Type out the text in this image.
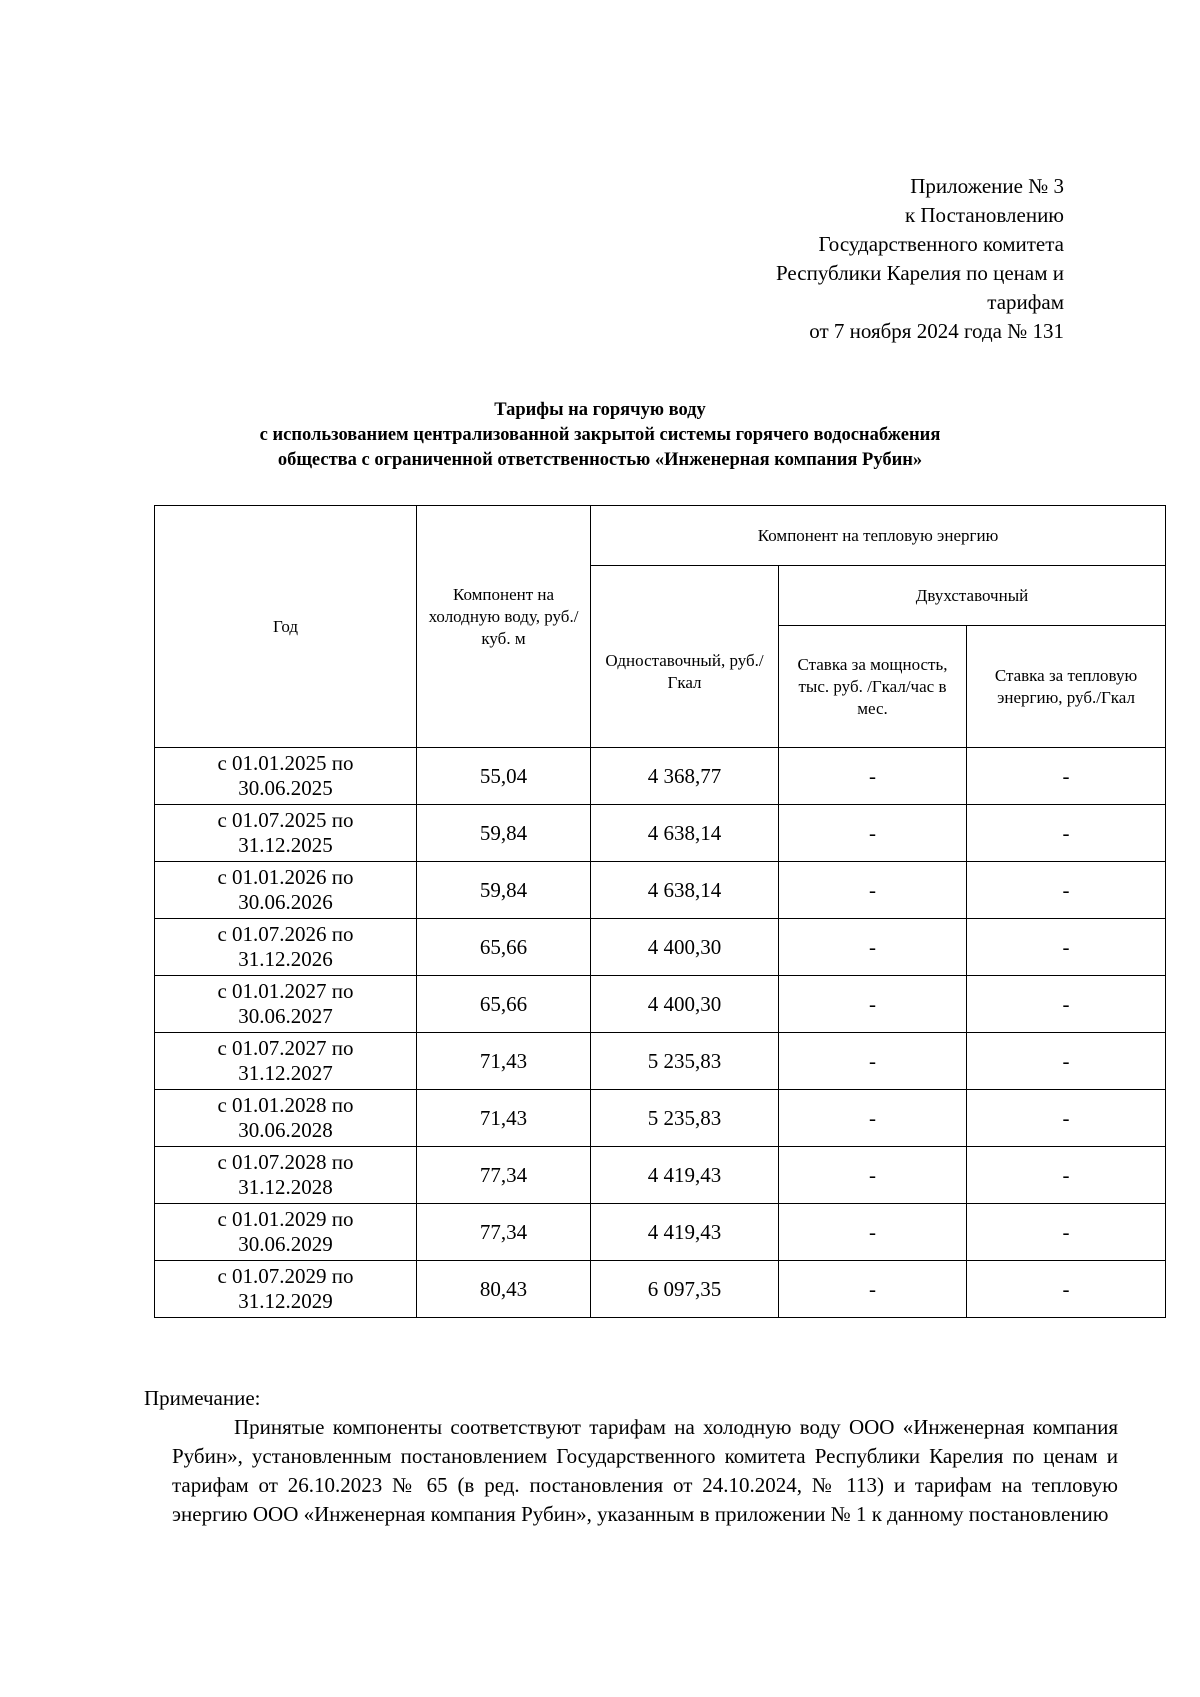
Приложение № 3
к Постановлению
Государственного комитета
Республики Карелия по ценам и
тарифам
от 7 ноября 2024 года № 131
Тарифы на горячую воду
с использованием централизованной закрытой системы горячего водоснабжения
общества с ограниченной ответственностью «Инженерная компания Рубин»
Год	Компонент на холодную воду, руб./ куб. м	Компонент на тепловую энергию		
		Одноставочный, руб./Гкал	Двухставочный	
			Ставка за мощность, тыс. руб. /Гкал/час в мес.	Ставка за тепловую энергию, руб./Гкал

с 01.01.2025 по
30.06.2025	55,04	4 368,77	-	-

с 01.07.2025 по
31.12.2025	59,84	4 638,14	-	-

с 01.01.2026 по
30.06.2026	59,84	4 638,14	-	-

с 01.07.2026 по
31.12.2026	65,66	4 400,30	-	-

с 01.01.2027 по
30.06.2027	65,66	4 400,30	-	-

с 01.07.2027 по
31.12.2027	71,43	5 235,83	-	-

с 01.01.2028 по
30.06.2028	71,43	5 235,83	-	-

с 01.07.2028 по
31.12.2028	77,34	4 419,43	-	-

с 01.01.2029 по
30.06.2029	77,34	4 419,43	-	-

с 01.07.2029 по
31.12.2029	80,43	6 097,35	-	-
Примечание:
Принятые компоненты соответствуют тарифам на холодную воду ООО «Инженерная компания Рубин», установленным постановлением Государственного комитета Республики Карелия по ценам и тарифам от 26.10.2023 № 65 (в ред. постановления от 24.10.2024, № 113) и тарифам на тепловую энергию ООО «Инженерная компания Рубин», указанным в приложении № 1 к данному постановлению
